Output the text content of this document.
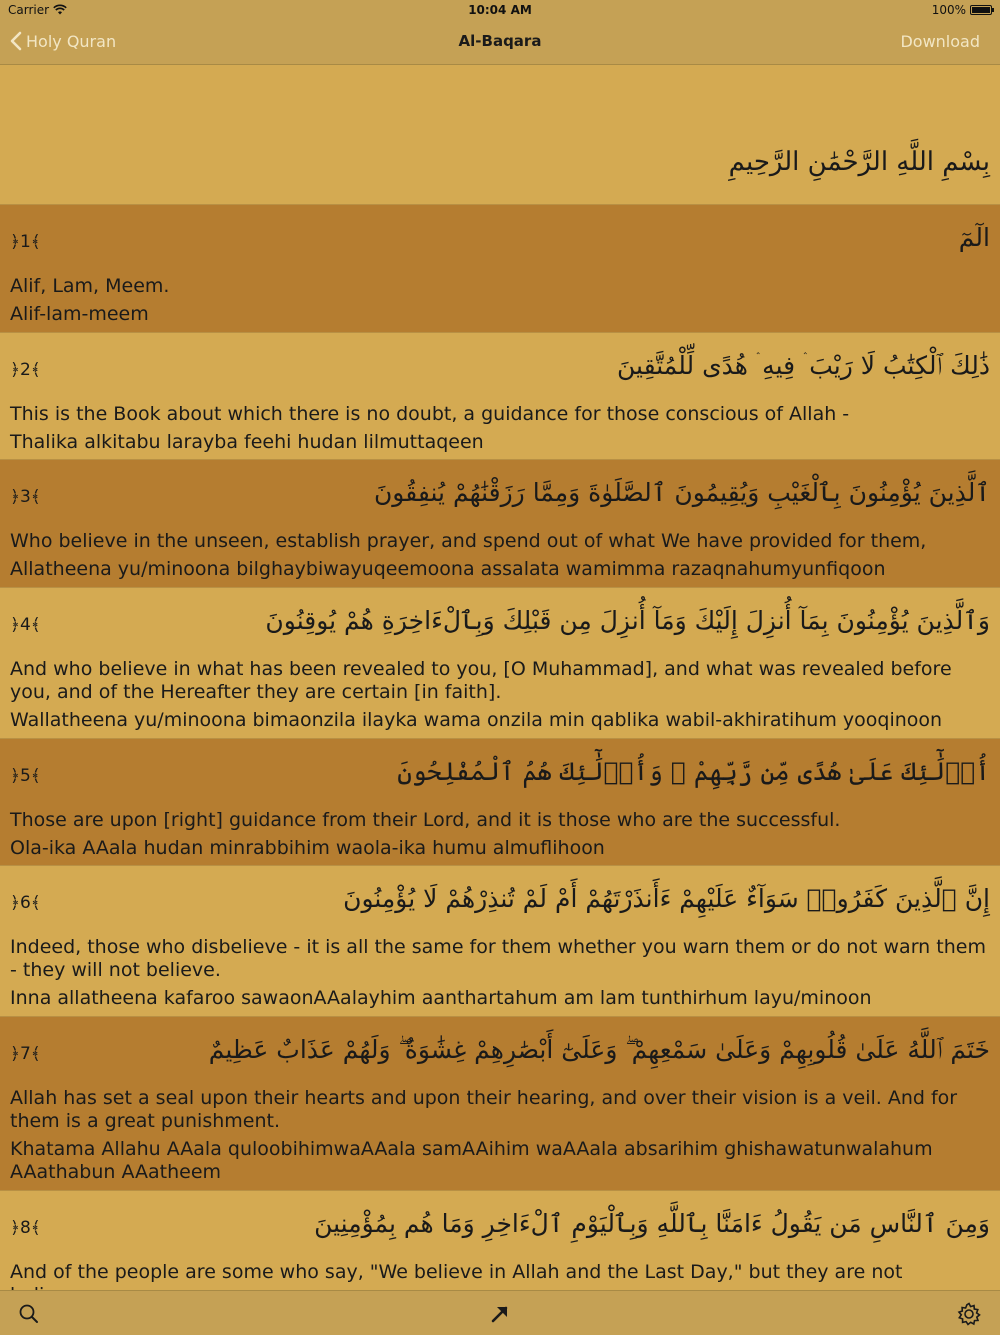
Carrier	10:04 AM	100%
Holy Quran	Al-Baqara	Download
بِسْمِ اللَّهِ الرَّحْمَٰنِ الرَّحِيمِ
﴿1﴾	الٓمٓ
Alif, Lam, Meem.
Alif-lam-meem
﴿2﴾	ذَٰلِكَ ٱلْكِتَٰبُ لَا رَيْبَ ۛ فِيهِ ۛ هُدًى لِّلْمُتَّقِينَ
This is the Book about which there is no doubt, a guidance for those conscious of Allah -
Thalika alkitabu larayba feehi hudan lilmuttaqeen
﴿3﴾	ٱلَّذِينَ يُؤْمِنُونَ بِٱلْغَيْبِ وَيُقِيمُونَ ٱلصَّلَوٰةَ وَمِمَّا رَزَقْنَٰهُمْ يُنفِقُونَ
Who believe in the unseen, establish prayer, and spend out of what We have provided for them,
Allatheena yu/minoona bilghaybiwayuqeemoona assalata wamimma razaqnahumyunfiqoon
﴿4﴾	وَٱلَّذِينَ يُؤْمِنُونَ بِمَآ أُنزِلَ إِلَيْكَ وَمَآ أُنزِلَ مِن قَبْلِكَ وَبِٱلْءَاخِرَةِ هُمْ يُوقِنُونَ
And who believe in what has been revealed to you, [O Muhammad], and what was revealed before you, and of the Hereafter they are certain [in faith].
Wallatheena yu/minoona bimaonzila ilayka wama onzila min qablika wabil-akhiratihum yooqinoon
﴿5﴾	أُو۟لَٰٓئِكَ عَلَىٰ هُدًى مِّن رَّبِّهِمْ ۖ وَأُو۟لَٰٓئِكَ هُمُ ٱلْمُفْلِحُونَ
Those are upon [right] guidance from their Lord, and it is those who are the successful.
Ola-ika AAala hudan minrabbihim waola-ika humu almuflihoon
﴿6﴾	إِنَّ ٱلَّذِينَ كَفَرُوا۟ سَوَآءٌ عَلَيْهِمْ ءَأَنذَرْتَهُمْ أَمْ لَمْ تُنذِرْهُمْ لَا يُؤْمِنُونَ
Indeed, those who disbelieve - it is all the same for them whether you warn them or do not warn them - they will not believe.
Inna allatheena kafaroo sawaonAAalayhim aanthartahum am lam tunthirhum layu/minoon
﴿7﴾	خَتَمَ ٱللَّهُ عَلَىٰ قُلُوبِهِمْ وَعَلَىٰ سَمْعِهِمْ ۖ وَعَلَىٰٓ أَبْصَٰرِهِمْ غِشَٰوَةٌ ۖ وَلَهُمْ عَذَابٌ عَظِيمٌ
Allah has set a seal upon their hearts and upon their hearing, and over their vision is a veil. And for them is a great punishment.
Khatama Allahu AAala quloobihimwaAAala samAAihim waAAala absarihim ghishawatunwalahum AAathabun AAatheem
﴿8﴾	وَمِنَ ٱلنَّاسِ مَن يَقُولُ ءَامَنَّا بِٱللَّهِ وَبِٱلْيَوْمِ ٱلْءَاخِرِ وَمَا هُم بِمُؤْمِنِينَ
And of the people are some who say, "We believe in Allah and the Last Day," but they are not
